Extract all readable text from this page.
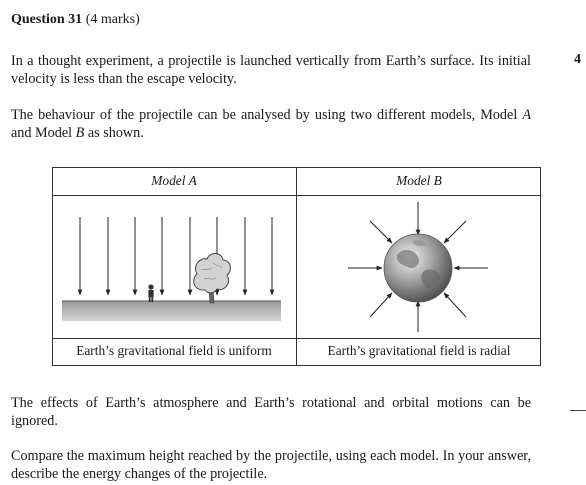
Question 31 (4 marks)
4
In a thought experiment, a projectile is launched vertically from Earth’s surface. Its initial velocity is less than the escape velocity.
The behaviour of the projectile can be analysed by using two different models, Model A and Model B as shown.
Model A	Model B
Earth’s gravitational field is uniform	Earth’s gravitational field is radial
The effects of Earth’s atmosphere and Earth’s rotational and orbital motions can be ignored.
Compare the maximum height reached by the projectile, using each model. In your answer, describe the energy changes of the projectile.
